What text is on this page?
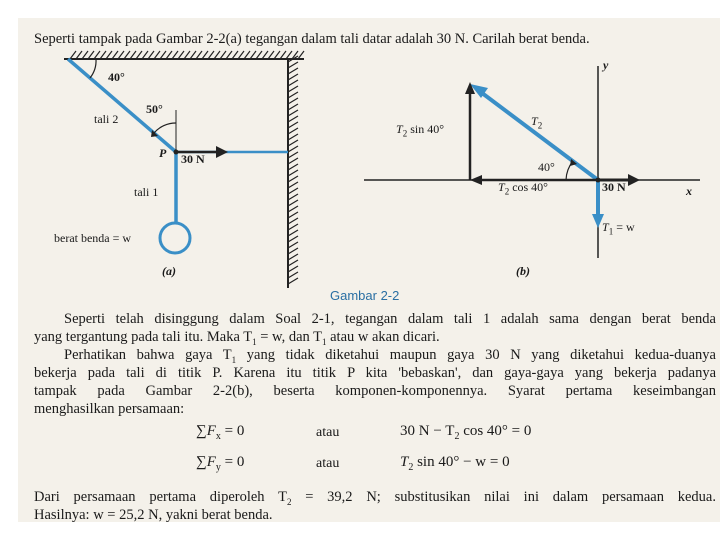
Seperti tampak pada Gambar 2-2(a) tegangan dalam tali datar adalah 30 N. Carilah berat benda.
40°
50°
tali 2
P 30 N
tali 1
berat benda = w
(a)
y
x
$T_2$
$T_2$ sin 40°
$T_2$ cos 40°
40°
30 N
$T_1 = w$
(b)
Gambar 2-2
Seperti telah disinggung dalam Soal 2-1, tegangan dalam tali 1 adalah sama dengan berat benda
yang tergantung pada tali itu. Maka $T_1 = w$, dan $T_1$ atau w akan dicari.
Perhatikan bahwa gaya $T_1$ yang tidak diketahui maupun gaya 30 N yang diketahui kedua-duanya
bekerja pada tali di titik P. Karena itu titik P kita 'bebaskan', dan gaya-gaya yang bekerja padanya
tampak pada Gambar 2-2(b), beserta komponen-komponennya. Syarat pertama keseimbangan
menghasilkan persamaan:
$\sum F_x = 0$	atau	30 $N - T_2$ cos 40° = 0
$\sum F_y = 0$	atau	$T_2$ sin 40° − w = 0
Dari persamaan pertama diperoleh $T_2 = 39,2$ N; substitusikan nilai ini dalam persamaan kedua.
Hasilnya: w = 25,2 N, yakni berat benda.
